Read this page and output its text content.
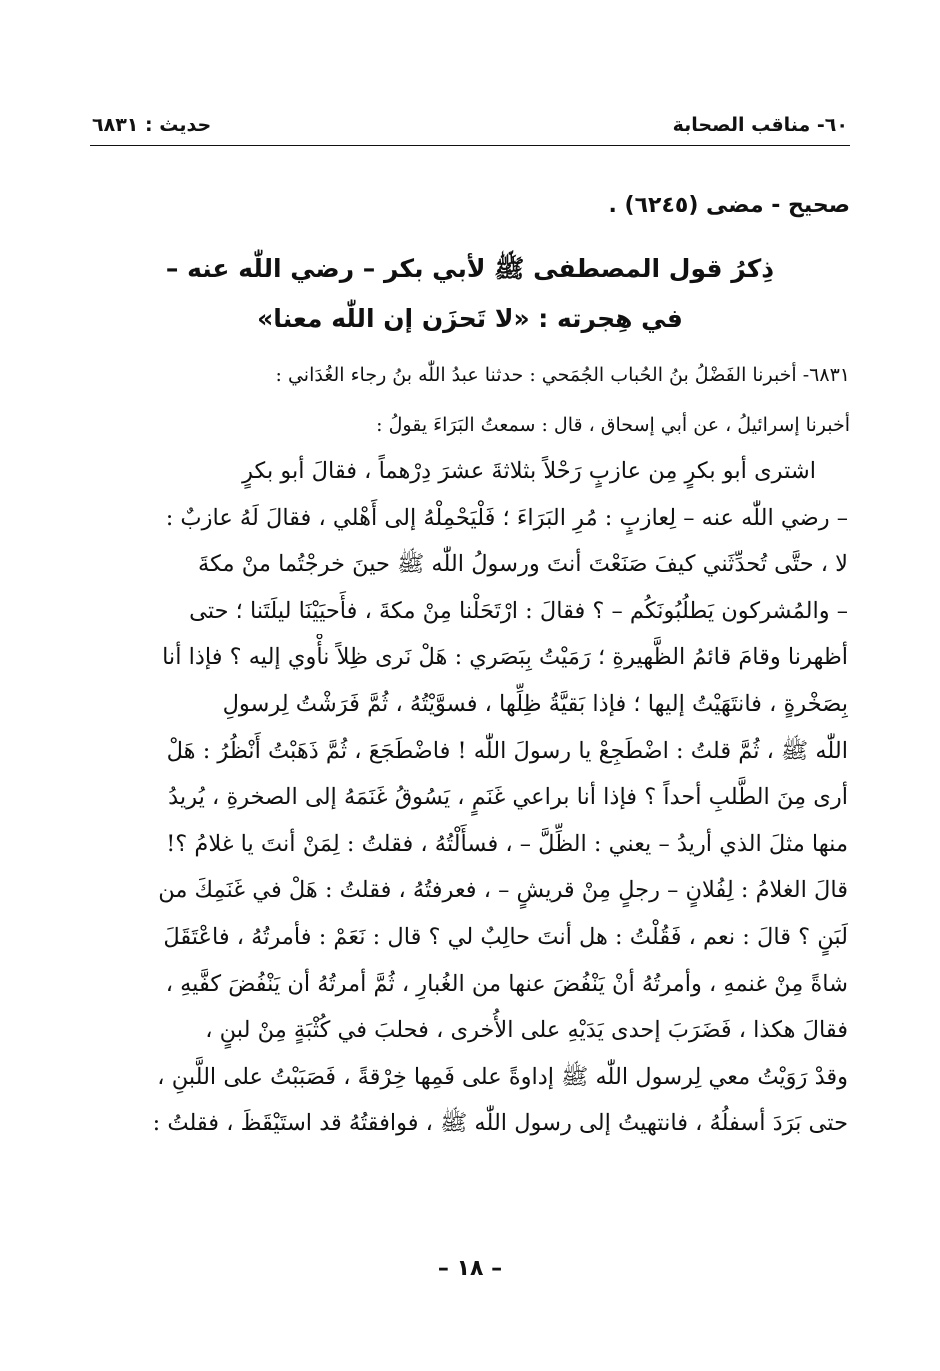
٦٠- مناقب الصحابة
حديث : ٦٨٣١
صحيح - مضى (٦٢٤٥) .
ذِكرُ قول المصطفى ﷺ لأبي بكر – رضي اللّٰه عنه –
في هِجرته : «لا تَحزَن إن اللّٰه معنا»
٦٨٣١- أخبرنا الفَضْلُ بنُ الحُباب الجُمَحي : حدثنا عبدُ اللّٰه بنُ رجاء الغُدَاني :
أخبرنا إسرائيلُ ، عن أبي إسحاق ، قال : سمعتُ البَرَاءَ يقولُ :
اشترى أبو بكرٍ مِن عازبٍ رَحْلاً بثلاثةَ عشرَ دِرْهماً ، فقالَ أبو بكرٍ
– رضي اللّٰه عنه – لِعازبٍ : مُرِ البَرَاءَ ؛ فَلْيَحْمِلْهُ إلى أَهْلي ، فقالَ لَهُ عازبٌ :
لا ، حتَّى تُحدِّثَني كيفَ صَنَعْتَ أنتَ ورسولُ اللّٰه ﷺ حينَ خرجْتُما منْ مكةَ
– والمُشركون يَطلُبُونَكُم – ؟ فقالَ : ارْتَحَلْنا مِنْ مكةَ ، فأَحيَيْنَا ليلَتَنا ؛ حتى
أظهرنا وقامَ قائمُ الظَّهيرةِ ؛ رَمَيْتُ بِبَصَري : هَلْ نَرى ظِلاً نأْوي إليه ؟ فإذا أنا
بِصَخْرةٍ ، فانتَهَيْتُ إليها ؛ فإذا بَقيَّةُ ظِلِّها ، فسوَّيْتُهُ ، ثُمَّ فَرَشْتُ لِرسولِ
اللّٰه ﷺ ، ثُمَّ قلتُ : اضْطَجِعْ يا رسولَ اللّٰه ! فاضْطَجَعَ ، ثُمَّ ذَهَبْتُ أَنْظُرُ : هَلْ
أرى مِنَ الطَّلبِ أحداً ؟ فإذا أنا براعي غَنَمٍ ، يَسُوقُ غَنَمَهُ إلى الصخرةِ ، يُريدُ
منها مثلَ الذي أريدُ – يعني : الظِّلَّ – ، فسأَلْتُهُ ، فقلتُ : لِمَنْ أنتَ يا غلامُ ؟!
قالَ الغلامُ : لِفُلانٍ – رجلٍ مِنْ قريشٍ – ، فعرفتُهُ ، فقلتُ : هَلْ في غَنَمِكَ من
لَبَنٍ ؟ قالَ : نعم ، فَقُلْتُ : هل أنتَ حالِبٌ لي ؟ قال : نَعَمْ : فأمرتُهُ ، فاعْتَقَلَ
شاةً مِنْ غنمهِ ، وأمرتُهُ أنْ يَنْفُضَ عنها من الغُبارِ ، ثُمَّ أمرتُهُ أن يَنْفُضَ كفَّيهِ ،
فقالَ هكذا ، فَضَرَبَ إحدى يَدَيْهِ على الأُخرى ، فحلبَ في كُثْبَةٍ مِنْ لبنٍ ،
وقدْ رَوَيْتُ معي لِرسول اللّٰه ﷺ إداوةً على فَمِها خِرْقةً ، فَصَبَبْتُ على اللَّبنِ ،
حتى بَرَدَ أسفلُهُ ، فانتهيتُ إلى رسول اللّٰه ﷺ ، فوافقتُهُ قد استَيْقَظَ ، فقلتُ :
– ١٨ –
